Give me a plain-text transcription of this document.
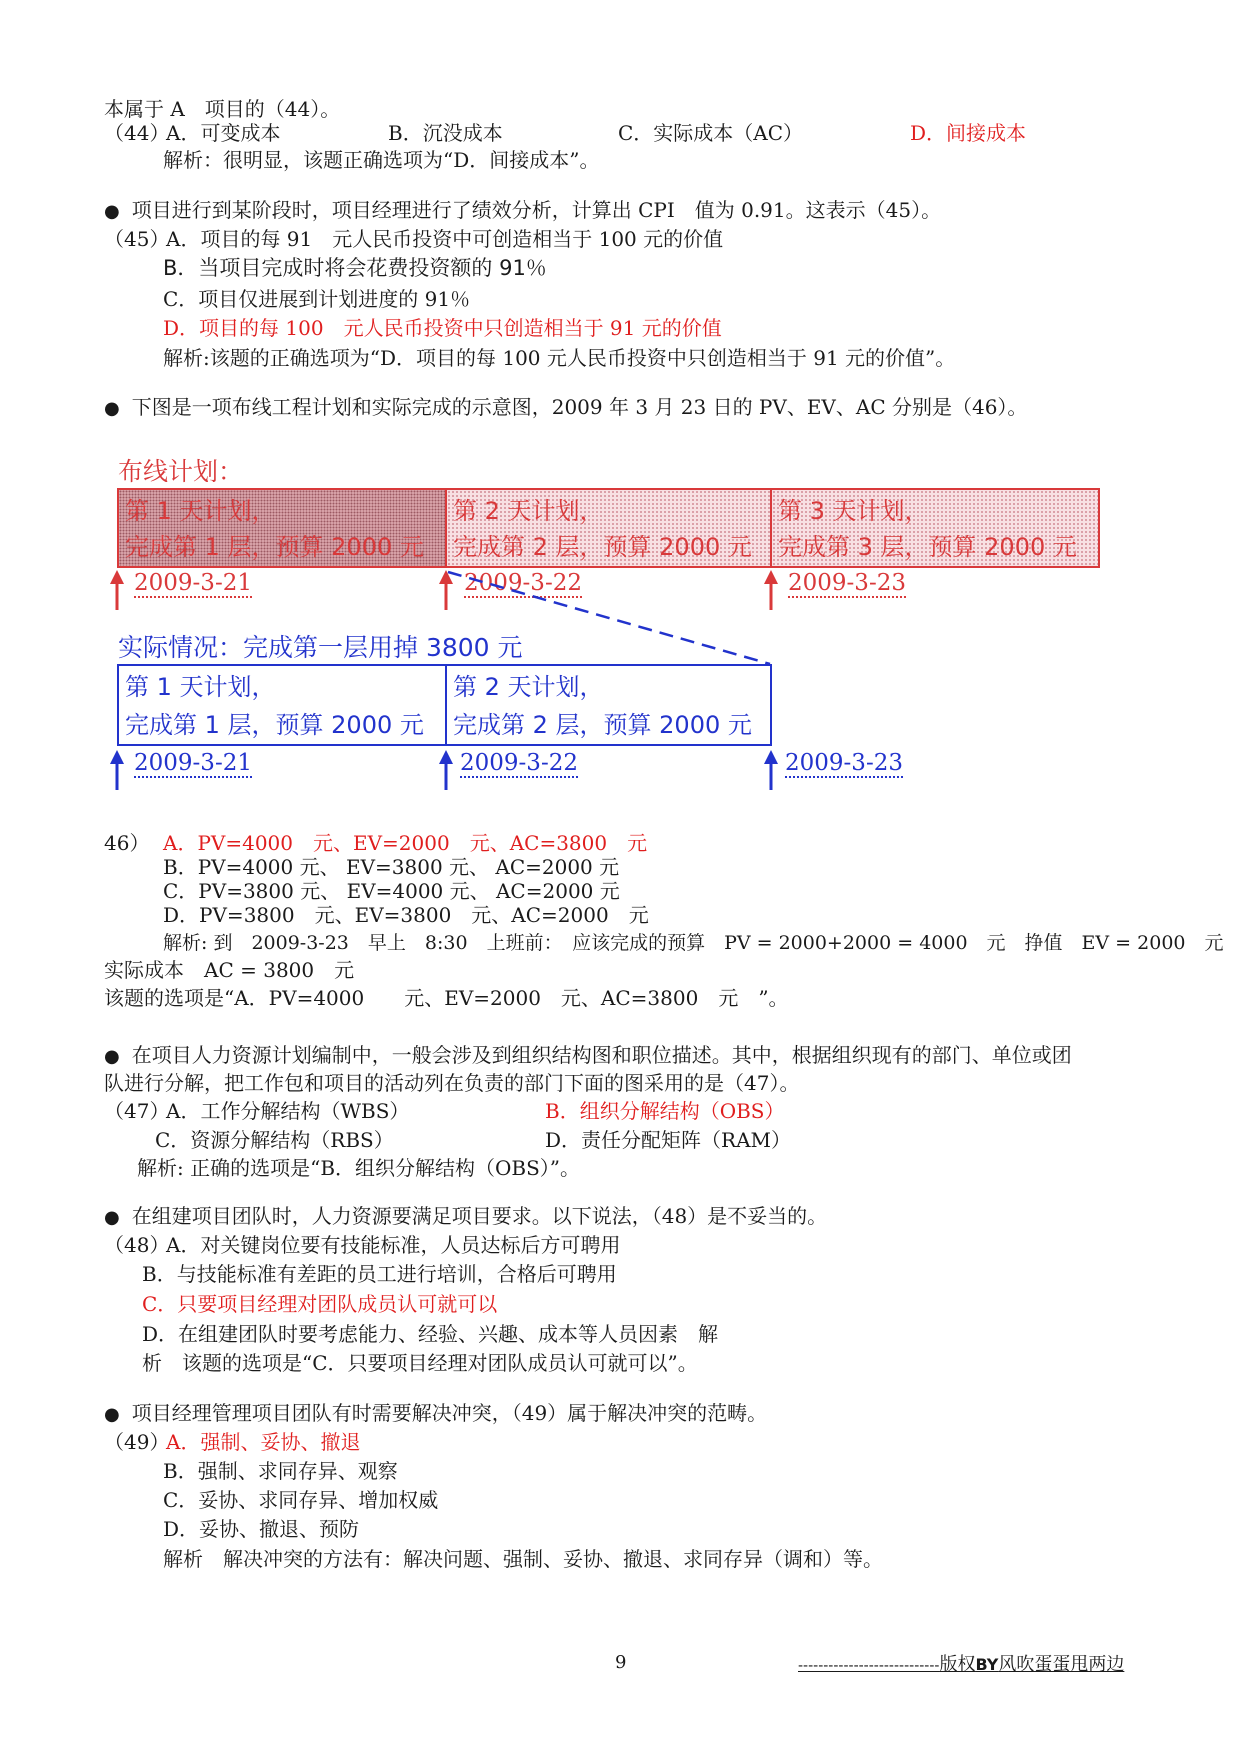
本属于 A　项目的（44）。
（44）
A．可变成本	B．沉没成本	C．实际成本（AC）	D．间接成本
解析：很明显，该题正确选项为“D．间接成本”。
● 项目进行到某阶段时，项目经理进行了绩效分析，计算出 CPI　值为 0.91。这表示（45）。
（45）
A．项目的每 91　元人民币投资中可创造相当于 100 元的价值
B．当项目完成时将会花费投资额的 91％
C．项目仅进展到计划进度的 91％
D．项目的每 100　元人民币投资中只创造相当于 91 元的价值
解析:该题的正确选项为“D．项目的每 100 元人民币投资中只创造相当于 91 元的价值”。
● 下图是一项布线工程计划和实际完成的示意图，2009 年 3 月 23 日的 PV、EV、AC 分别是（46）。
布线计划：
第 1 天计划，
完成第 1 层，预算 2000 元
第 2 天计划，
完成第 2 层，预算 2000 元
第 3 天计划，
完成第 3 层，预算 2000 元
2009-3-21	2009-3-22	2009-3-23
实际情况：完成第一层用掉 3800 元
第 1 天计划，
完成第 1 层，预算 2000 元
第 2 天计划，
完成第 2 层，预算 2000 元
2009-3-21	2009-3-22	2009-3-23
46） A．PV=4000　元、EV=2000　元、AC=3800　元
B．PV=4000 元、 EV=3800 元、 AC=2000 元
C．PV=3800 元、 EV=4000 元、 AC=2000 元
D．PV=3800　元、EV=3800　元、AC=2000　元
解析: 到　2009-3-23　早上　8:30　上班前：　应该完成的预算　PV = 2000+2000 = 4000　元　挣值　EV = 2000　元
实际成本　AC = 3800　元
该题的选项是“A．PV=4000　　元、EV=2000　元、AC=3800　元　”。
● 在项目人力资源计划编制中，一般会涉及到组织结构图和职位描述。其中，根据组织现有的部门、单位或团
队进行分解，把工作包和项目的活动列在负责的部门下面的图采用的是（47）。
（47）
A．工作分解结构（WBS）	B．组织分解结构（OBS）
C．资源分解结构（RBS）	D．责任分配矩阵（RAM）
解析: 正确的选项是“B．组织分解结构（OBS）”。
● 在组建项目团队时，人力资源要满足项目要求。以下说法，（48）是不妥当的。
（48）
A．对关键岗位要有技能标准，人员达标后方可聘用
B．与技能标准有差距的员工进行培训，合格后可聘用
C．只要项目经理对团队成员认可就可以
D．在组建团队时要考虑能力、经验、兴趣、成本等人员因素　解
析　该题的选项是“C．只要项目经理对团队成员认可就可以”。
● 项目经理管理项目团队有时需要解决冲突，（49）属于解决冲突的范畴。
（49）
A．强制、妥协、撤退
B．强制、求同存异、观察
C．妥协、求同存异、增加权威
D．妥协、撤退、预防
解析　解决冲突的方法有：解决问题、强制、妥协、撤退、求同存异（调和）等。
9	----------------------------版权BY风吹蛋蛋甩两边
